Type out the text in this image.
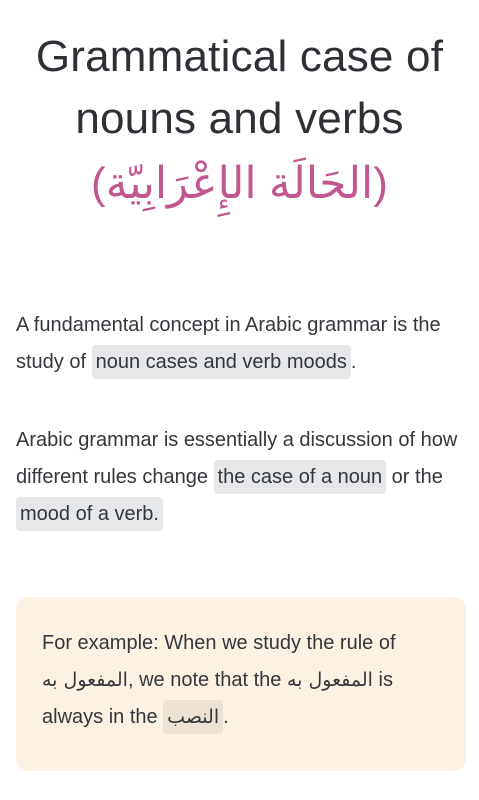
Grammatical case of
nouns and verbs
(الحَالَة الإِعْرَابِيّة)
A fundamental concept in Arabic grammar is the study of noun cases and verb moods .
Arabic grammar is essentially a discussion of how different rules change the case of a noun or the mood of a verb.
For example: When we study the rule of المفعول به, we note that the المفعول به is always in the النصب .
